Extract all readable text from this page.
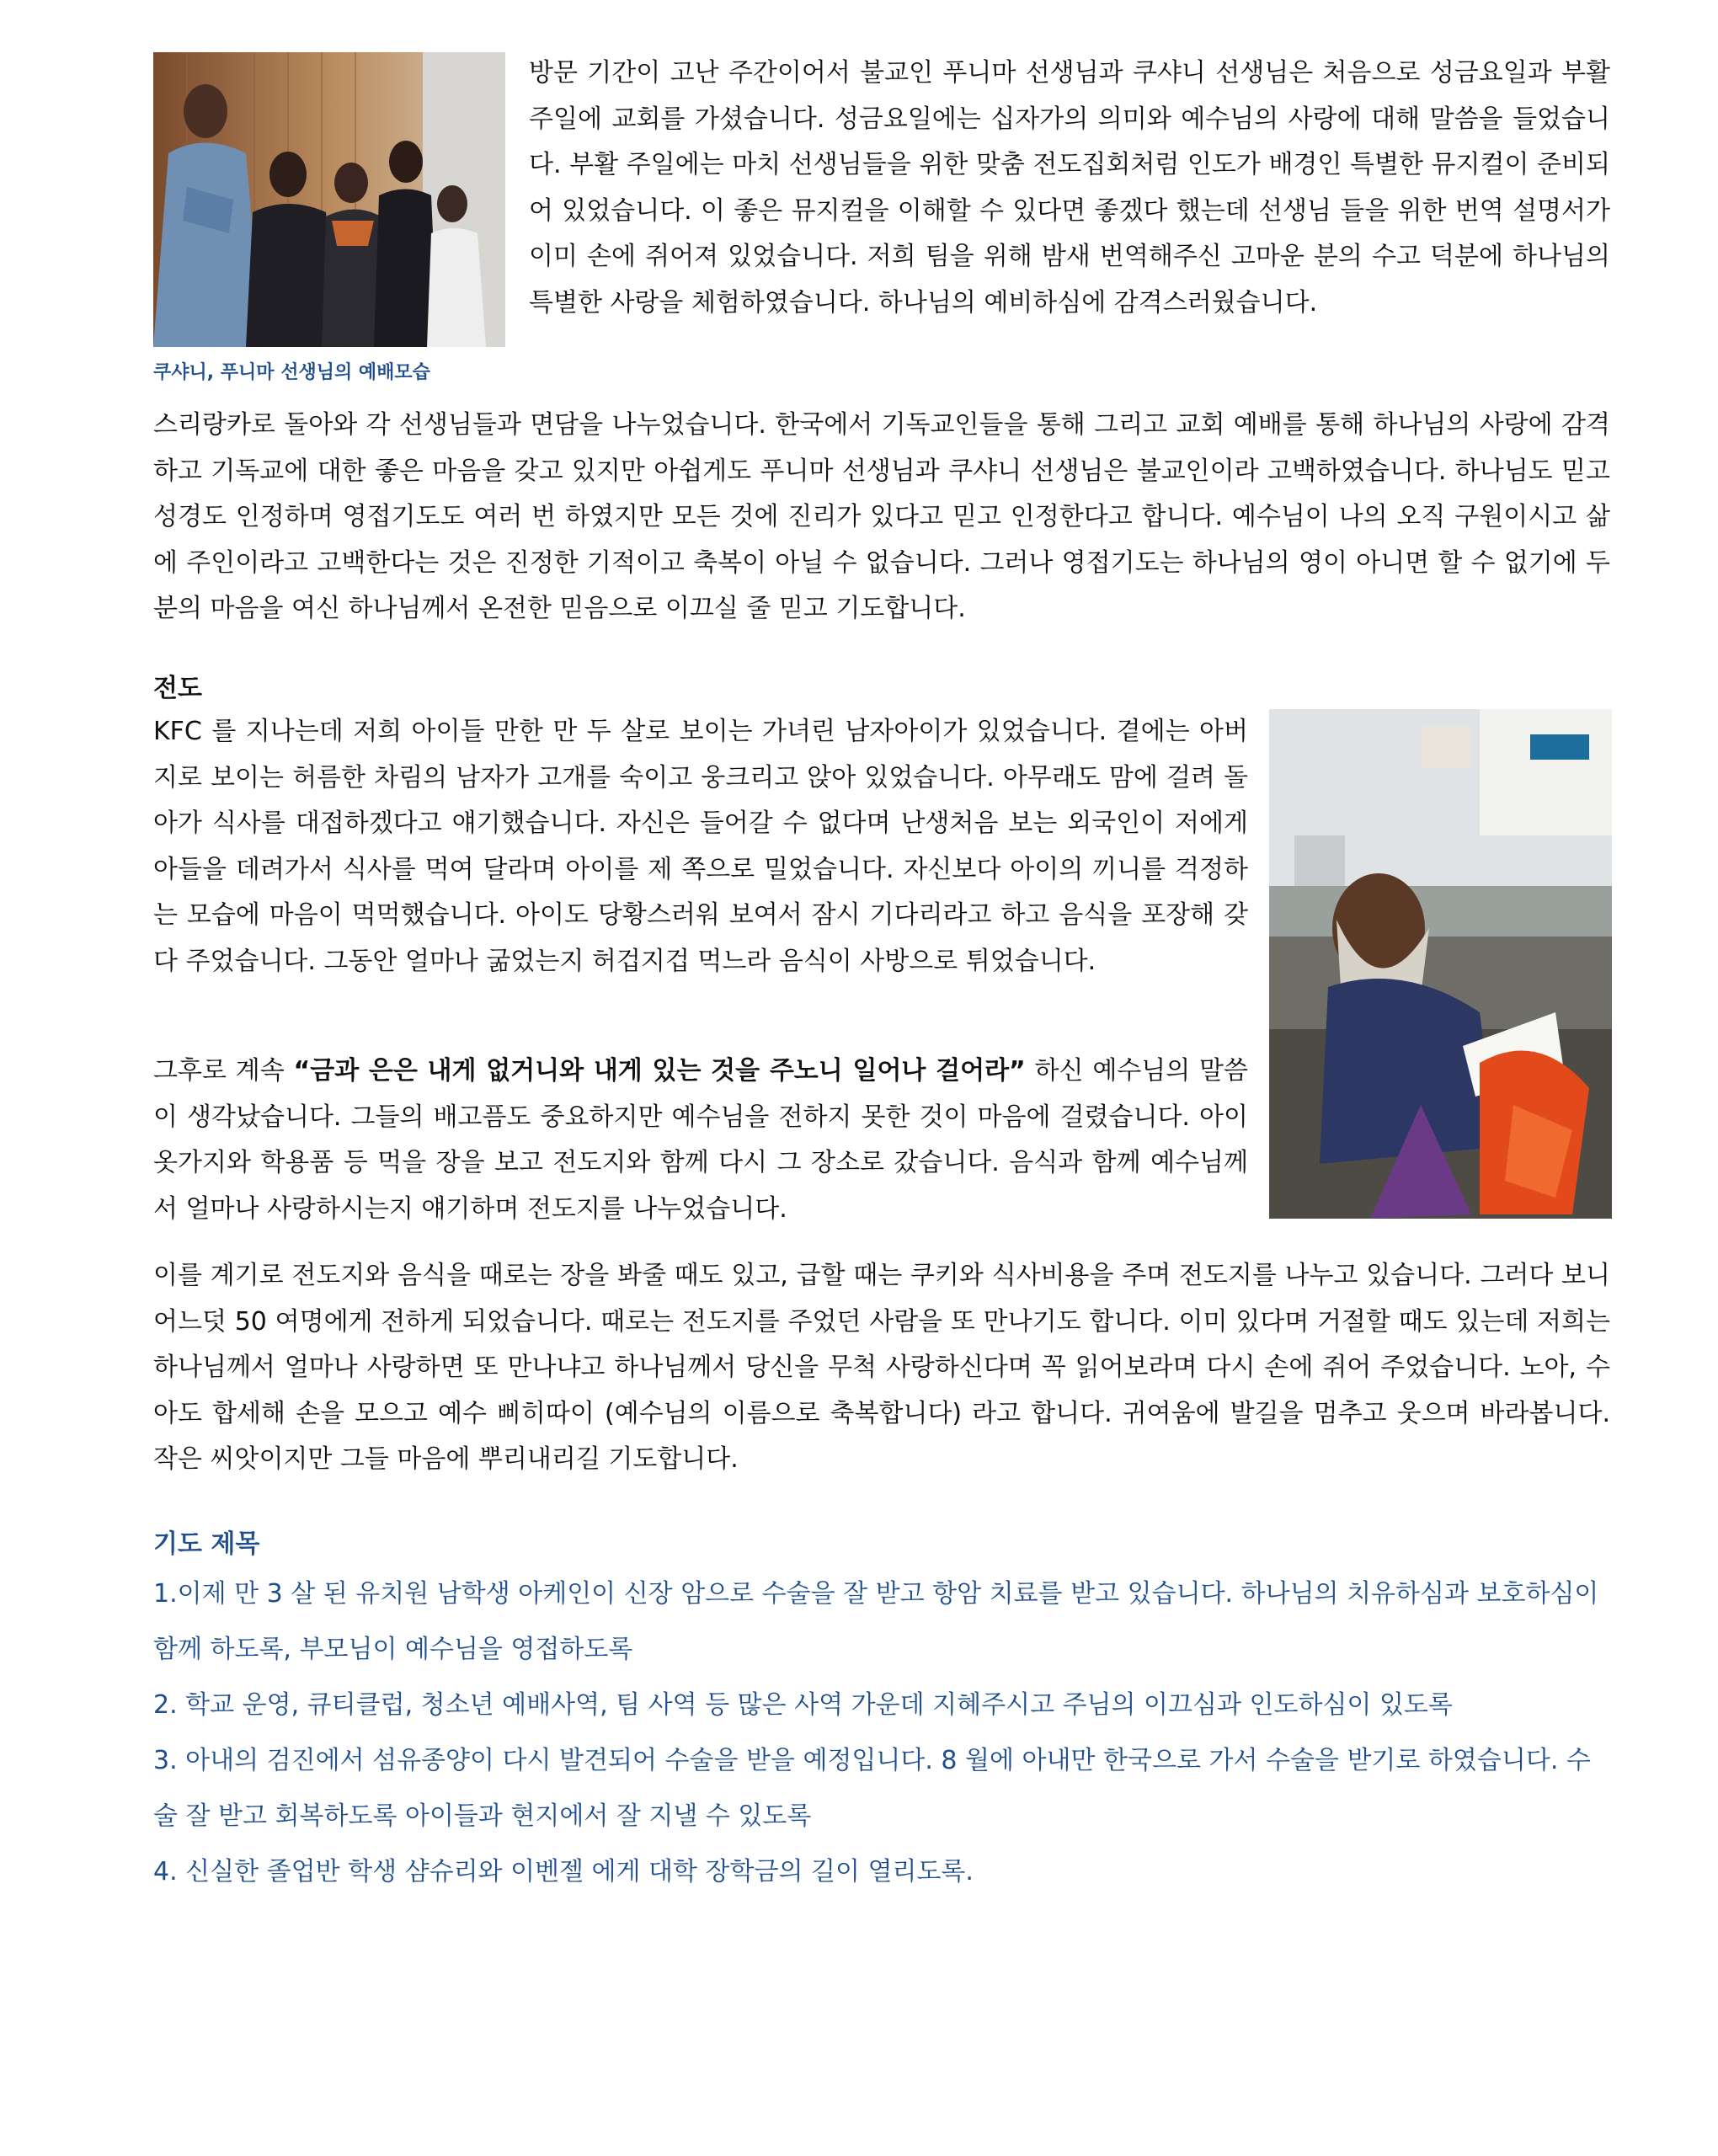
쿠샤니, 푸니마 선생님의 예배모습

방문 기간이 고난 주간이어서 불교인 푸니마 선생님과 쿠샤니 선생님은 처음으로 성금요일과 부활주일에 교회를 가셨습니다. 성금요일에는 십자가의 의미와 예수님의 사랑에 대해 말씀을 들었습니다. 부활 주일에는 마치 선생님들을 위한 맞춤 전도집회처럼 인도가 배경인 특별한 뮤지컬이 준비되어 있었습니다. 이 좋은 뮤지컬을 이해할 수 있다면 좋겠다 했는데 선생님 들을 위한 번역 설명서가 이미 손에 쥐어져 있었습니다. 저희 팀을 위해 밤새 번역해주신 고마운 분의 수고 덕분에 하나님의 특별한 사랑을 체험하였습니다. 하나님의 예비하심에 감격스러웠습니다.

스리랑카로 돌아와 각 선생님들과 면담을 나누었습니다. 한국에서 기독교인들을 통해 그리고 교회 예배를 통해 하나님의 사랑에 감격하고 기독교에 대한 좋은 마음을 갖고 있지만 아쉽게도 푸니마 선생님과 쿠샤니 선생님은 불교인이라 고백하였습니다. 하나님도 믿고 성경도 인정하며 영접기도도 여러 번 하였지만 모든 것에 진리가 있다고 믿고 인정한다고 합니다. 예수님이 나의 오직 구원이시고 삶에 주인이라고 고백한다는 것은 진정한 기적이고 축복이 아닐 수 없습니다. 그러나 영접기도는 하나님의 영이 아니면 할 수 없기에 두 분의 마음을 여신 하나님께서 온전한 믿음으로 이끄실 줄 믿고 기도합니다.

전도

KFC 를 지나는데 저희 아이들 만한 만 두 살로 보이는 가녀린 남자아이가 있었습니다. 곁에는 아버지로 보이는 허름한 차림의 남자가 고개를 숙이고 웅크리고 앉아 있었습니다. 아무래도 맘에 걸려 돌아가 식사를 대접하겠다고 얘기했습니다. 자신은 들어갈 수 없다며 난생처음 보는 외국인이 저에게 아들을 데려가서 식사를 먹여 달라며 아이를 제 쪽으로 밀었습니다. 자신보다 아이의 끼니를 걱정하는 모습에 마음이 먹먹했습니다. 아이도 당황스러워 보여서 잠시 기다리라고 하고 음식을 포장해 갖다 주었습니다. 그동안 얼마나 굶었는지 허겁지겁 먹느라 음식이 사방으로 튀었습니다.

그후로 계속 “금과 은은 내게 없거니와 내게 있는 것을 주노니 일어나 걸어라” 하신 예수님의 말씀이 생각났습니다. 그들의 배고픔도 중요하지만 예수님을 전하지 못한 것이 마음에 걸렸습니다. 아이 옷가지와 학용품 등 먹을 장을 보고 전도지와 함께 다시 그 장소로 갔습니다. 음식과 함께 예수님께서 얼마나 사랑하시는지 얘기하며 전도지를 나누었습니다.

이를 계기로 전도지와 음식을 때로는 장을 봐줄 때도 있고, 급할 때는 쿠키와 식사비용을 주며 전도지를 나누고 있습니다. 그러다 보니 어느덧 50 여명에게 전하게 되었습니다. 때로는 전도지를 주었던 사람을 또 만나기도 합니다. 이미 있다며 거절할 때도 있는데 저희는 하나님께서 얼마나 사랑하면 또 만나냐고 하나님께서 당신을 무척 사랑하신다며 꼭 읽어보라며 다시 손에 쥐어 주었습니다. 노아, 수아도 합세해 손을 모으고 예수 삐히따이 (예수님의 이름으로 축복합니다) 라고 합니다. 귀여움에 발길을 멈추고 웃으며 바라봅니다. 작은 씨앗이지만 그들 마음에 뿌리내리길 기도합니다.

기도 제목

1.이제 만 3 살 된 유치원 남학생 아케인이 신장 암으로 수술을 잘 받고 항암 치료를 받고 있습니다. 하나님의 치유하심과 보호하심이 함께 하도록, 부모님이 예수님을 영접하도록

2. 학교 운영, 큐티클럽, 청소년 예배사역, 팀 사역 등 많은 사역 가운데 지혜주시고 주님의 이끄심과 인도하심이 있도록

3. 아내의 검진에서 섬유종양이 다시 발견되어 수술을 받을 예정입니다. 8 월에 아내만 한국으로 가서 수술을 받기로 하였습니다. 수술 잘 받고 회복하도록 아이들과 현지에서 잘 지낼 수 있도록

4. 신실한 졸업반 학생 샴슈리와 이벤젤 에게 대학 장학금의 길이 열리도록.
